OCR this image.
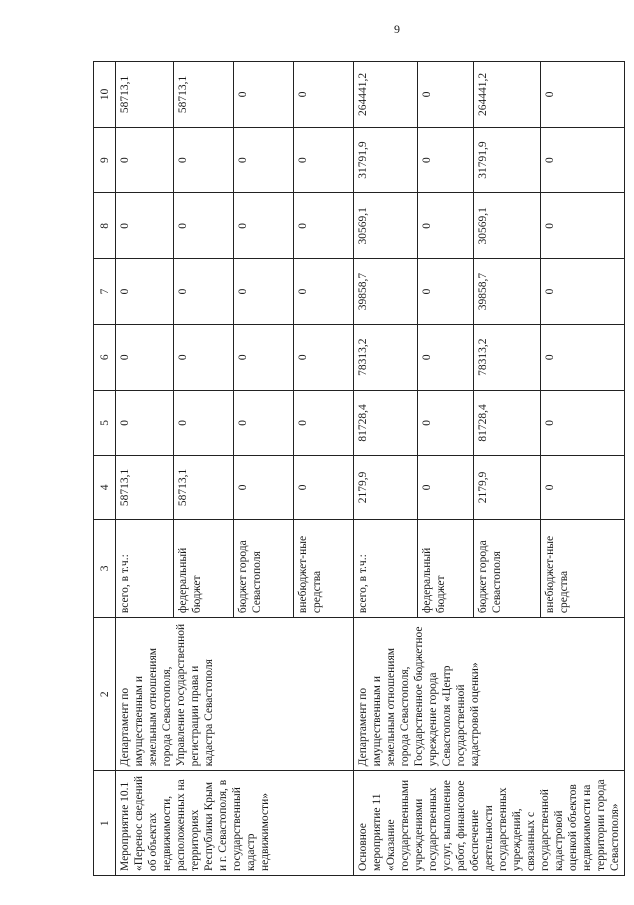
9
1	2	3	4	5	6	7	8	9	10
Мероприятие 10.1 «Перенос сведений об объектах недвижимости, расположенных на территориях Республики Крым и г. Севастополя, в государственный кадастр недвижимости»	Департамент по имущественным и земельным отношениям города Севастополя, Управление государственной регистрации права и кадастра Севастополя	всего, в т.ч.:	58713,1	0	0	0	0	0	58713,1
		федеральный бюджет	58713,1	0	0	0	0	0	58713,1
		бюджет города Севастополя	0	0	0	0	0	0	0
		внебюджет-ные средства	0	0	0	0	0	0	0
Основное мероприятие 11 «Оказание государственными учреждениями государственных услуг, выполнение работ, финансовое обеспечение деятельности государственных учреждений, связанных с государственной кадастровой оценкой объектов недвижимости на территории города Севастополя»	Департамент по имущественным и земельным отношениям города Севастополя, Государственное бюджетное учреждение города Севастополя «Центр государственной кадастровой оценки»	всего, в т.ч.:	2179,9	81728,4	78313,2	39858,7	30569,1	31791,9	264441,2
		федеральный бюджет	0	0	0	0	0	0	0
		бюджет города Севастополя	2179,9	81728,4	78313,2	39858,7	30569,1	31791,9	264441,2
		внебюджет-ные средства	0	0	0	0	0	0	0
